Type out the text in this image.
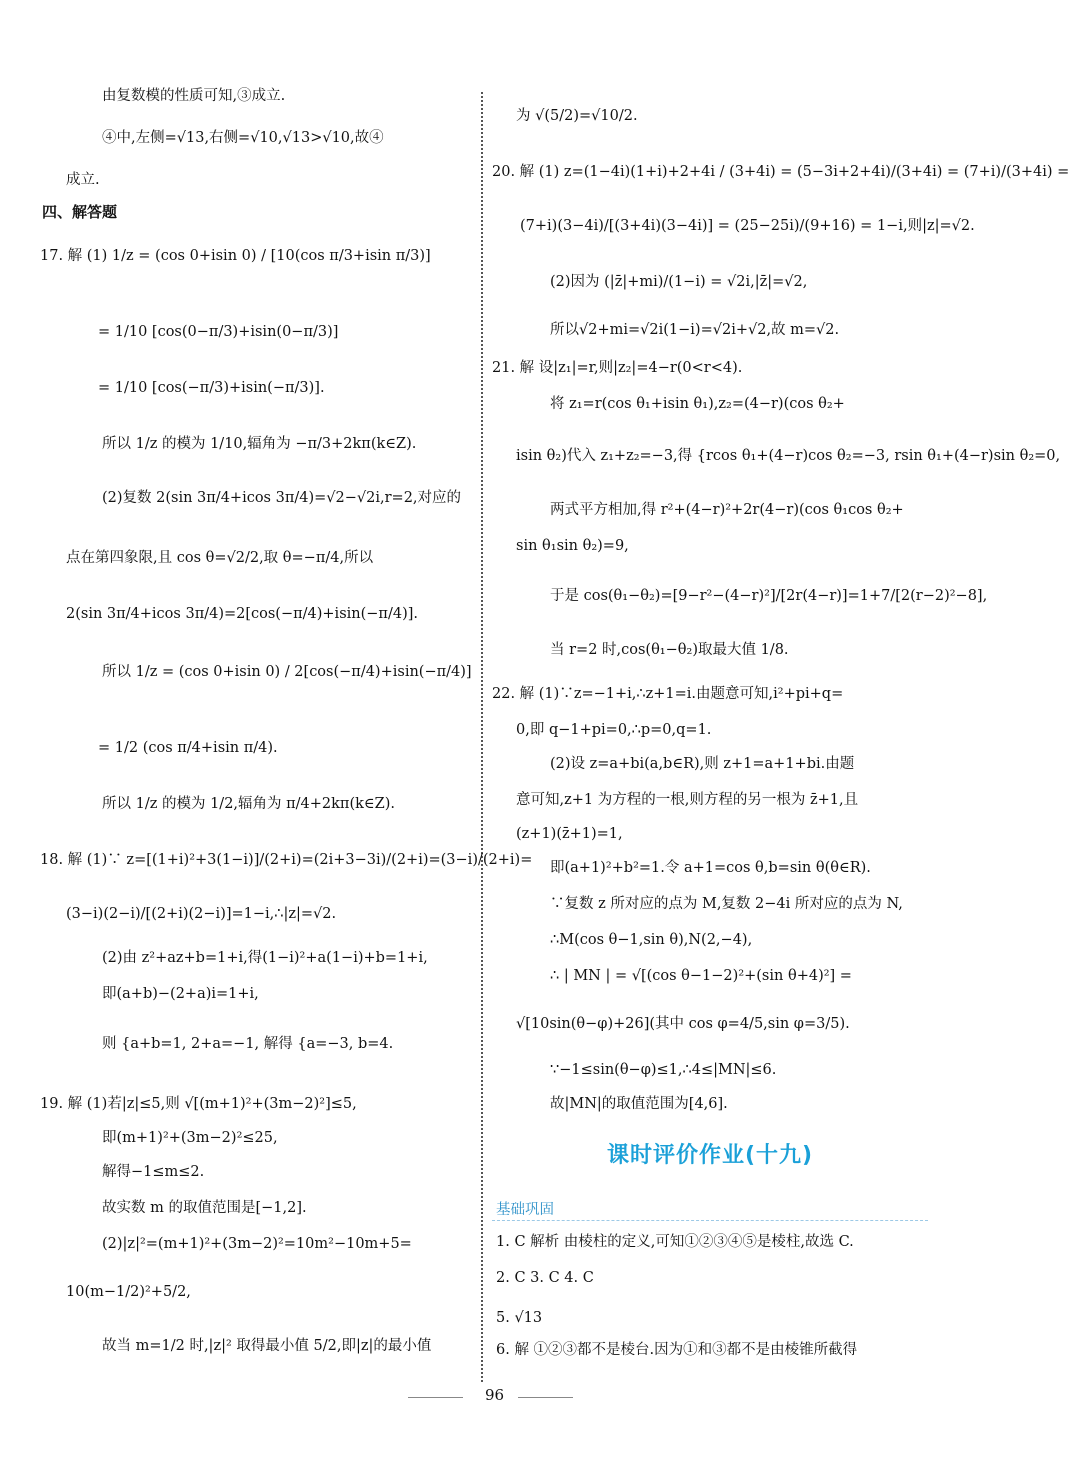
由复数模的性质可知,③成立.
④中,左侧=√13,右侧=√10,√13>√10,故④
成立.
四、解答题
17. 解 (1) 1/z = (cos 0+isin 0) / [10(cos π/3+isin π/3)]
= 1/10 [cos(0−π/3)+isin(0−π/3)]
= 1/10 [cos(−π/3)+isin(−π/3)].
所以 1/z 的模为 1/10,辐角为 −π/3+2kπ(k∈Z).
(2)复数 2(sin 3π/4+icos 3π/4)=√2−√2i,r=2,对应的
点在第四象限,且 cos θ=√2/2,取 θ=−π/4,所以
2(sin 3π/4+icos 3π/4)=2[cos(−π/4)+isin(−π/4)].
所以 1/z = (cos 0+isin 0) / 2[cos(−π/4)+isin(−π/4)]
= 1/2 (cos π/4+isin π/4).
所以 1/z 的模为 1/2,辐角为 π/4+2kπ(k∈Z).
18. 解 (1)∵ z=[(1+i)²+3(1−i)]/(2+i)=(2i+3−3i)/(2+i)=(3−i)/(2+i)=
(3−i)(2−i)/[(2+i)(2−i)]=1−i,∴|z|=√2.
(2)由 z²+az+b=1+i,得(1−i)²+a(1−i)+b=1+i,
即(a+b)−(2+a)i=1+i,
则 {a+b=1, 2+a=−1, 解得 {a=−3, b=4.
19. 解 (1)若|z|≤5,则 √[(m+1)²+(3m−2)²]≤5,
即(m+1)²+(3m−2)²≤25,
解得−1≤m≤2.
故实数 m 的取值范围是[−1,2].
(2)|z|²=(m+1)²+(3m−2)²=10m²−10m+5=
10(m−1/2)²+5/2,
故当 m=1/2 时,|z|² 取得最小值 5/2,即|z|的最小值
课时评价作业(十九)
基础巩固
为 √(5/2)=√10/2.
20. 解 (1) z=(1−4i)(1+i)+2+4i / (3+4i) = (5−3i+2+4i)/(3+4i) = (7+i)/(3+4i) =
(7+i)(3−4i)/[(3+4i)(3−4i)] = (25−25i)/(9+16) = 1−i,则|z|=√2.
(2)因为 (|z̄|+mi)/(1−i) = √2i,|z̄|=√2,
所以√2+mi=√2i(1−i)=√2i+√2,故 m=√2.
21. 解 设|z₁|=r,则|z₂|=4−r(0<r<4).
将 z₁=r(cos θ₁+isin θ₁),z₂=(4−r)(cos θ₂+
isin θ₂)代入 z₁+z₂=−3,得 {rcos θ₁+(4−r)cos θ₂=−3, rsin θ₁+(4−r)sin θ₂=0,
两式平方相加,得 r²+(4−r)²+2r(4−r)(cos θ₁cos θ₂+
sin θ₁sin θ₂)=9,
于是 cos(θ₁−θ₂)=[9−r²−(4−r)²]/[2r(4−r)]=1+7/[2(r−2)²−8],
当 r=2 时,cos(θ₁−θ₂)取最大值 1/8.
22. 解 (1)∵z=−1+i,∴z+1=i.由题意可知,i²+pi+q=
0,即 q−1+pi=0,∴p=0,q=1.
(2)设 z=a+bi(a,b∈R),则 z+1=a+1+bi.由题
意可知,z+1 为方程的一根,则方程的另一根为 z̄+1,且
(z+1)(z̄+1)=1,
即(a+1)²+b²=1.令 a+1=cos θ,b=sin θ(θ∈R).
∵复数 z 所对应的点为 M,复数 2−4i 所对应的点为 N,
∴M(cos θ−1,sin θ),N(2,−4),
∴ | MN | = √[(cos θ−1−2)²+(sin θ+4)²] =
√[10sin(θ−φ)+26](其中 cos φ=4/5,sin φ=3/5).
∵−1≤sin(θ−φ)≤1,∴4≤|MN|≤6.
故|MN|的取值范围为[4,6].
1. C 解析 由棱柱的定义,可知①②③④⑤是棱柱,故选 C.
2. C 3. C 4. C
5. √13
6. 解 ①②③都不是棱台.因为①和③都不是由棱锥所截得
96
